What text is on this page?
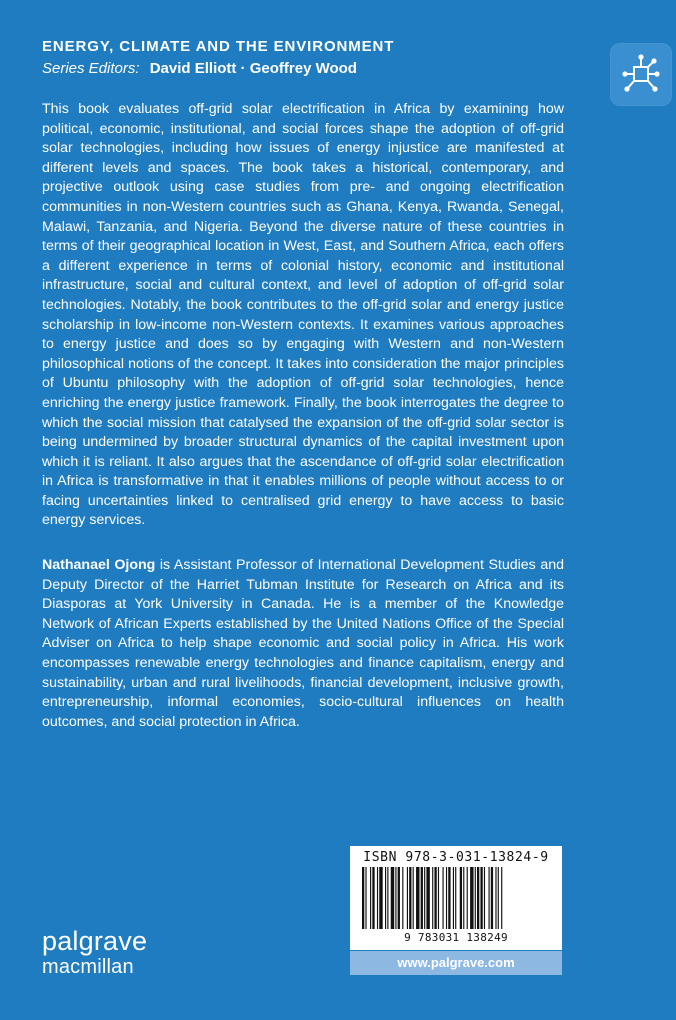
ENERGY, CLIMATE AND THE ENVIRONMENT
Series Editors: David Elliott · Geoffrey Wood

This book evaluates off-grid solar electrification in Africa by examining how political, economic, institutional, and social forces shape the adoption of off-grid solar technologies, including how issues of energy injustice are manifested at different levels and spaces. The book takes a historical, contemporary, and projective outlook using case studies from pre- and ongoing electrification communities in non-Western countries such as Ghana, Kenya, Rwanda, Senegal, Malawi, Tanzania, and Nigeria. Beyond the diverse nature of these countries in terms of their geographical location in West, East, and Southern Africa, each offers a different experience in terms of colonial history, economic and institutional infrastructure, social and cultural context, and level of adoption of off-grid solar technologies. Notably, the book contributes to the off-grid solar and energy justice scholarship in low-income non-Western contexts. It examines various approaches to energy justice and does so by engaging with Western and non-Western philosophical notions of the concept. It takes into consideration the major principles of Ubuntu philosophy with the adoption of off-grid solar technologies, hence enriching the energy justice framework. Finally, the book interrogates the degree to which the social mission that catalysed the expansion of the off-grid solar sector is being undermined by broader structural dynamics of the capital investment upon which it is reliant. It also argues that the ascendance of off-grid solar electrification in Africa is transformative in that it enables millions of people without access to or facing uncertainties linked to centralised grid energy to have access to basic energy services.

Nathanael Ojong is Assistant Professor of International Development Studies and Deputy Director of the Harriet Tubman Institute for Research on Africa and its Diasporas at York University in Canada. He is a member of the Knowledge Network of African Experts established by the United Nations Office of the Special Adviser on Africa to help shape economic and social policy in Africa. His work encompasses renewable energy technologies and finance capitalism, energy and sustainability, urban and rural livelihoods, financial development, inclusive growth, entrepreneurship, informal economies, socio-cultural influences on health outcomes, and social protection in Africa.

ISBN 978-3-031-13824-9
9 783031 138249
www.palgrave.com
palgrave
macmillan
